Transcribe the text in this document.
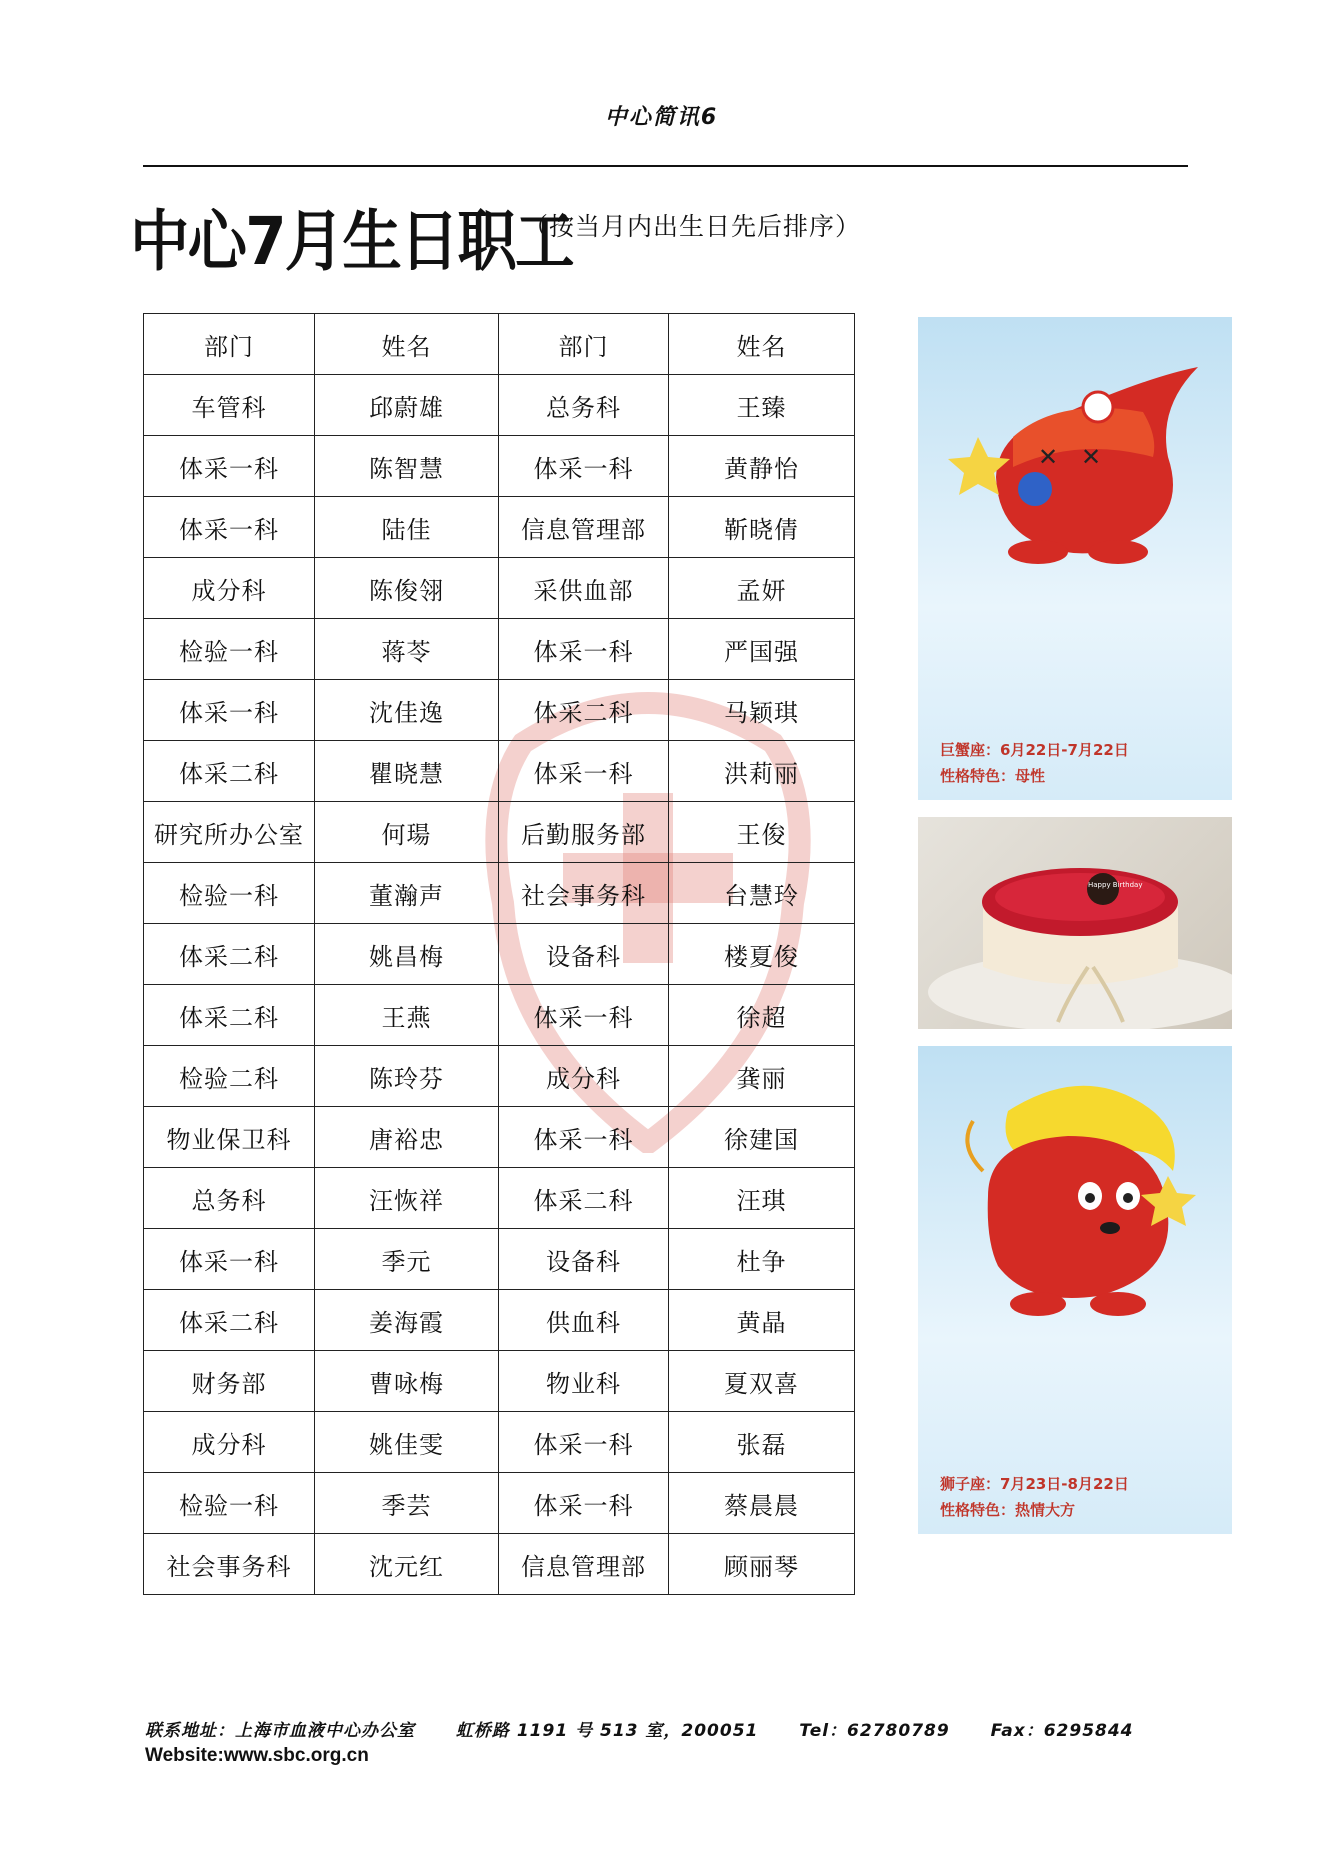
中心简讯6
中心7月生日职工
（按当月内出生日先后排序）
部门	姓名	部门	姓名
车管科	邱蔚雄	总务科	王臻
体采一科	陈智慧	体采一科	黄静怡
体采一科	陆佳	信息管理部	靳晓倩
成分科	陈俊翎	采供血部	孟妍
检验一科	蒋苓	体采一科	严国强
体采一科	沈佳逸	体采二科	马颖琪
体采二科	瞿晓慧	体采一科	洪莉丽
研究所办公室	何瑒	后勤服务部	王俊
检验一科	董瀚声	社会事务科	台慧玲
体采二科	姚昌梅	设备科	楼夏俊
体采二科	王燕	体采一科	徐超
检验二科	陈玲芬	成分科	龚丽
物业保卫科	唐裕忠	体采一科	徐建国
总务科	汪恢祥	体采二科	汪琪
体采一科	季元	设备科	杜争
体采二科	姜海霞	供血科	黄晶
财务部	曹咏梅	物业科	夏双喜
成分科	姚佳雯	体采一科	张磊
检验一科	季芸	体采一科	蔡晨晨
社会事务科	沈元红	信息管理部	顾丽琴
✕ ✕
巨蟹座：6月22日-7月22日
性格特色：母性
Happy Birthday
狮子座：7月23日-8月22日
性格特色：热情大方
联系地址：上海市血液中心办公室 虹桥路 1191 号 513 室，200051 Tel：62780789 Fax：6295844
Website:www.sbc.org.cn
